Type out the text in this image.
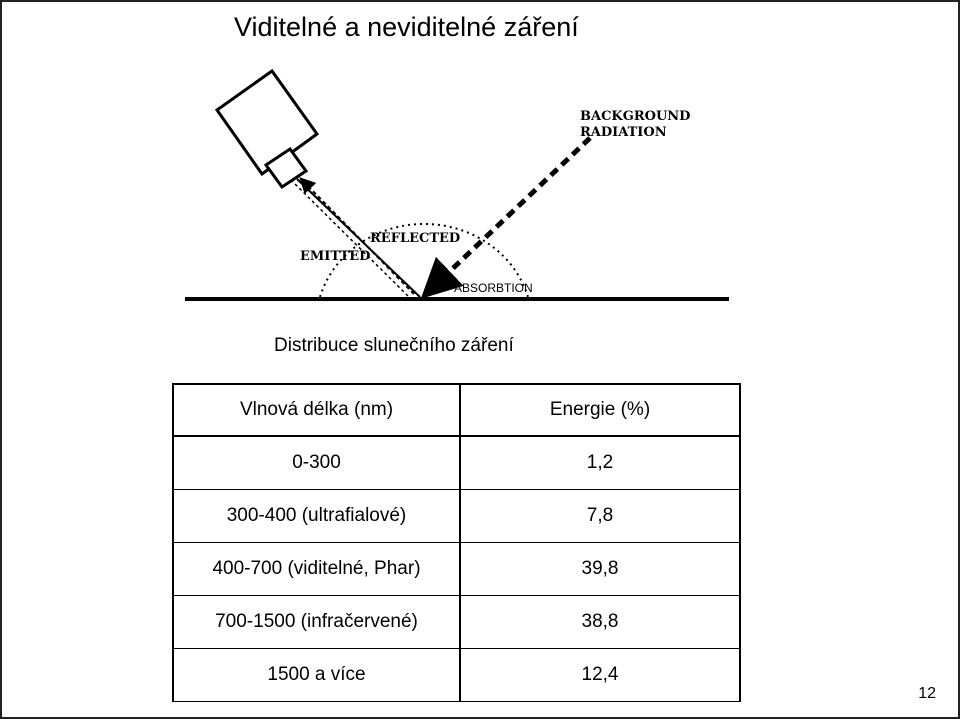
Viditelné a neviditelné záření
BACKGROUND
RADIATION
REFLECTED
EMITTED
ABSORBTION
Distribuce slunečního záření
Vlnová délka (nm)	Energie (%)
0-300	1,2
300-400 (ultrafialové)	7,8
400-700 (viditelné, Phar)	39,8
700-1500 (infračervené)	38,8
1500 a více	12,4
12
